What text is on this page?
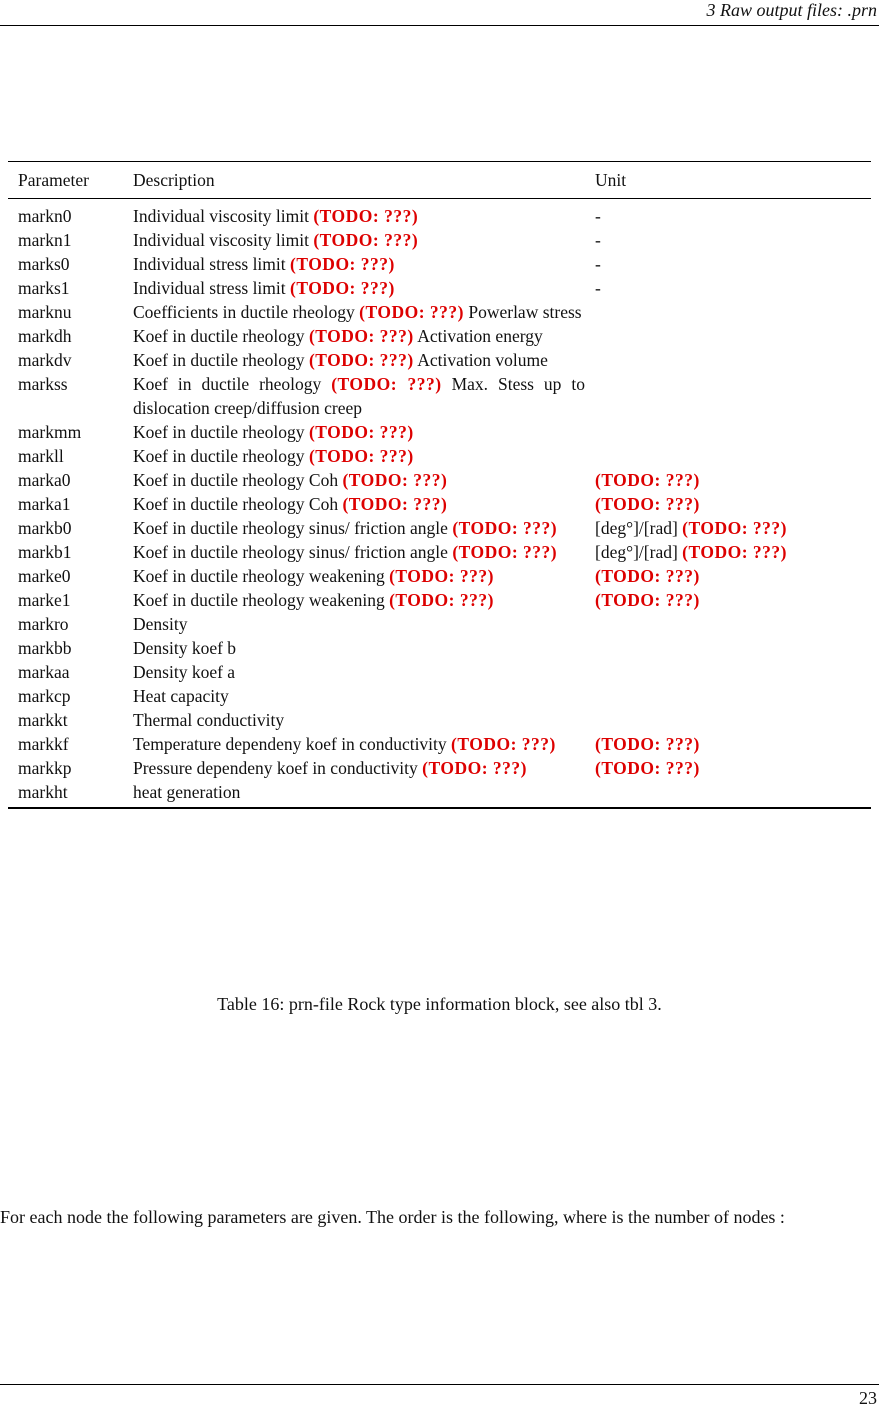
3 Raw output files: .prn
Parameter	Description	Unit
markn0	Individual viscosity limit (TODO: ???)	-
markn1	Individual viscosity limit (TODO: ???)	-
marks0	Individual stress limit (TODO: ???)	-
marks1	Individual stress limit (TODO: ???)	-
marknu	Coefficients in ductile rheology (TODO: ???) Powerlaw stress	
markdh	Koef in ductile rheology (TODO: ???) Activation energy	
markdv	Koef in ductile rheology (TODO: ???) Activation volume	
markss	Koef in ductile rheology (TODO: ???) Max. Stess up to dislocation creep/diffusion creep	
markmm	Koef in ductile rheology (TODO: ???)	
markll	Koef in ductile rheology (TODO: ???)	
marka0	Koef in ductile rheology Coh (TODO: ???)	(TODO: ???)
marka1	Koef in ductile rheology Coh (TODO: ???)	(TODO: ???)
markb0	Koef in ductile rheology sinus/ friction angle (TODO: ???)	[deg°]/[rad] (TODO: ???)
markb1	Koef in ductile rheology sinus/ friction angle (TODO: ???)	[deg°]/[rad] (TODO: ???)
marke0	Koef in ductile rheology weakening (TODO: ???)	(TODO: ???)
marke1	Koef in ductile rheology weakening (TODO: ???)	(TODO: ???)
markro	Density	
markbb	Density koef b	
markaa	Density koef a	
markcp	Heat capacity	
markkt	Thermal conductivity	
markkf	Temperature dependeny koef in conductivity (TODO: ???)	(TODO: ???)
markkp	Pressure dependeny koef in conductivity (TODO: ???)	(TODO: ???)
markht	heat generation	
Table 16: prn-file Rock type information block, see also tbl 3.

For each node the following parameters are given. The order is the following, where is the number of nodes :

23
